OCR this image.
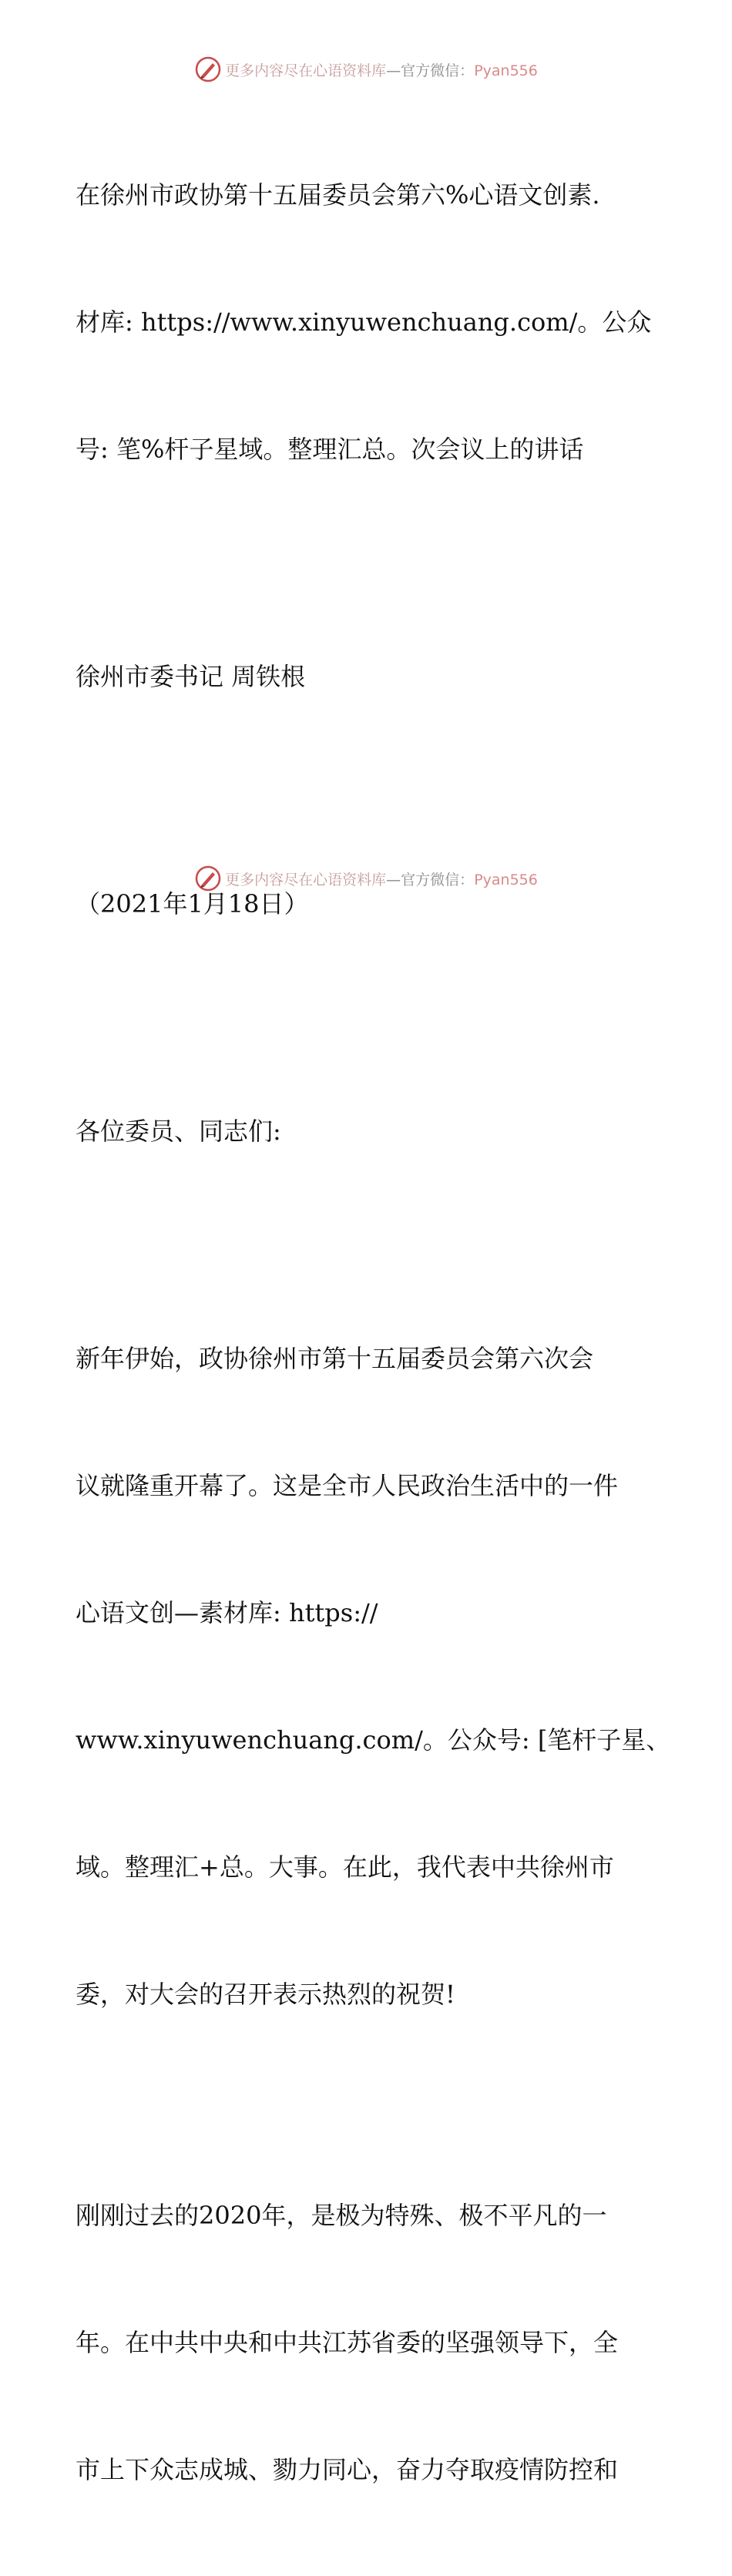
更多内容尽在心语资料库—官方微信：Pyan556

在徐州市政协第十五届委员会第六%心语文创素.

材库: https://www.xinyuwenchuang.com/。公众

号: 笔%杆子星域。整理汇总。次会议上的讲话

徐州市委书记 周铁根

（2021年1月18日）

各位委员、同志们:

新年伊始，政协徐州市第十五届委员会第六次会

议就隆重开幕了。这是全市人民政治生活中的一件

心语文创—素材库: https://

www.xinyuwenchuang.com/。公众号: [笔杆子星、

域。整理汇+总。大事。在此，我代表中共徐州市

委，对大会的召开表示热烈的祝贺!

刚刚过去的2020年，是极为特殊、极不平凡的一

年。在中共中央和中共江苏省委的坚强领导下，全

市上下众志成城、勠力同心，奋力夺取疫情防控和

更多内容尽在心语资料库—官方微信：Pyan556
